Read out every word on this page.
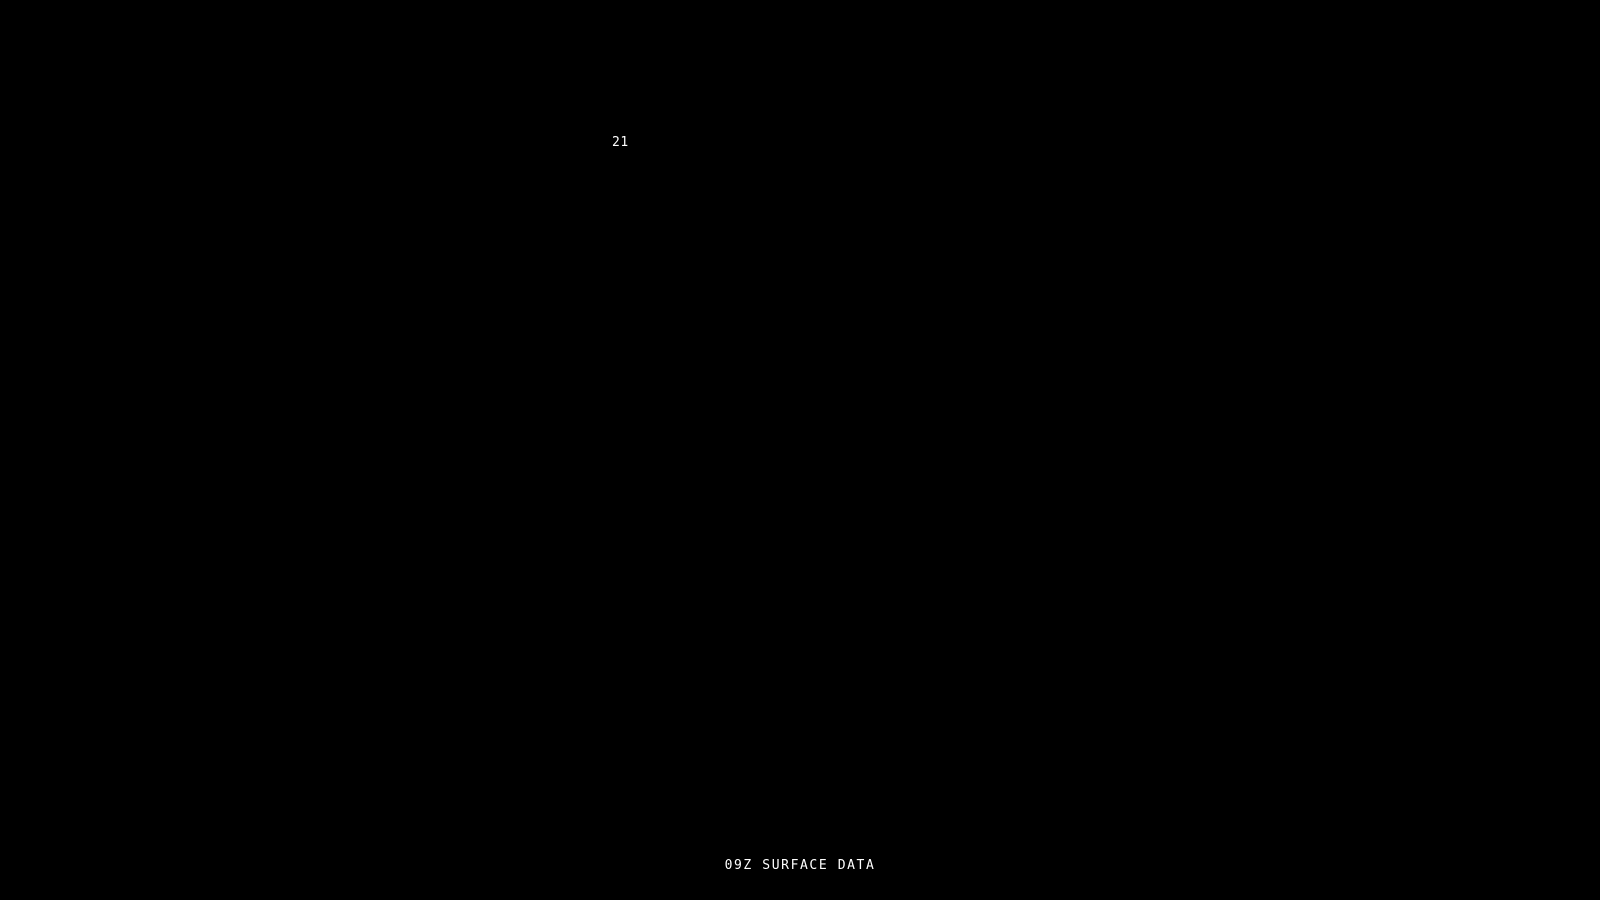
21
09Z SURFACE DATA
